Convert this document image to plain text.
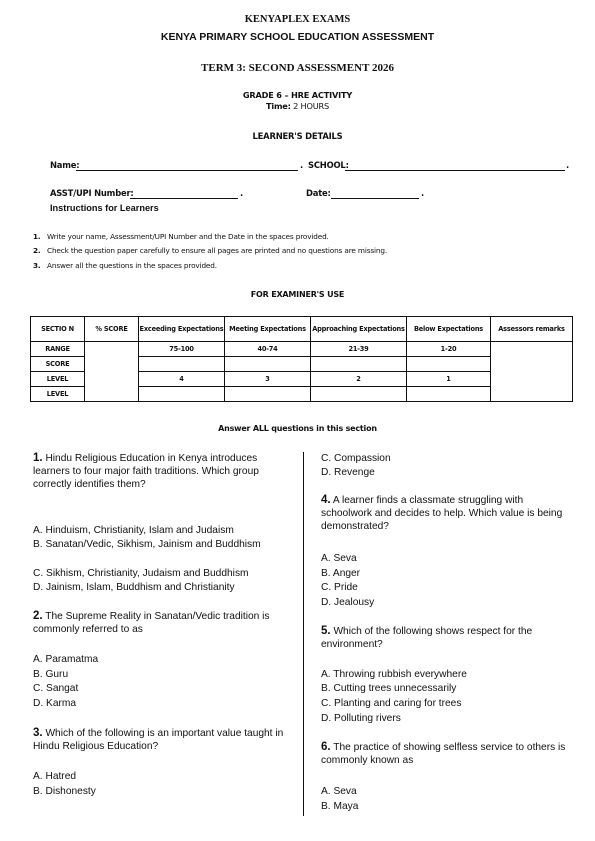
KENYAPLEX EXAMS
KENYA PRIMARY SCHOOL EDUCATION ASSESSMENT
TERM 3: SECOND ASSESSMENT 2026
GRADE 6 – HRE ACTIVITY
Time: 2 HOURS
LEARNER'S DETAILS
Name:	. SCHOOL:	.
ASST/UPI Number:	.	Date:	.
Instructions for Learners
1. Write your name, Assessment/UPI Number and the Date in the spaces provided.
2. Check the question paper carefully to ensure all pages are printed and no questions are missing.
3. Answer all the questions in the spaces provided.
FOR EXAMINER'S USE
SECTIO N	% SCORE	Exceeding Expectations	Meeting Expectations	Approaching Expectations	Below Expectations	Assessors remarks
RANGE		75-100	40-74	21-39	1-20	
SCORE						
LEVEL		4	3	2	1	
LEVEL						
Answer ALL questions in this section
1. Hindu Religious Education in Kenya introduces learners to four major faith traditions. Which group correctly identifies them?
A. Hinduism, Christianity, Islam and Judaism
B. Sanatan/Vedic, Sikhism, Jainism and Buddhism
C. Sikhism, Christianity, Judaism and Buddhism
D. Jainism, Islam, Buddhism and Christianity
2. The Supreme Reality in Sanatan/Vedic tradition is commonly referred to as
A. Paramatma
B. Guru
C. Sangat
D. Karma
3. Which of the following is an important value taught in Hindu Religious Education?
A. Hatred
B. Dishonesty
C. Compassion
D. Revenge
4. A learner finds a classmate struggling with schoolwork and decides to help. Which value is being demonstrated?
A. Seva
B. Anger
C. Pride
D. Jealousy
5. Which of the following shows respect for the environment?
A. Throwing rubbish everywhere
B. Cutting trees unnecessarily
C. Planting and caring for trees
D. Polluting rivers
6. The practice of showing selfless service to others is commonly known as
A. Seva
B. Maya
